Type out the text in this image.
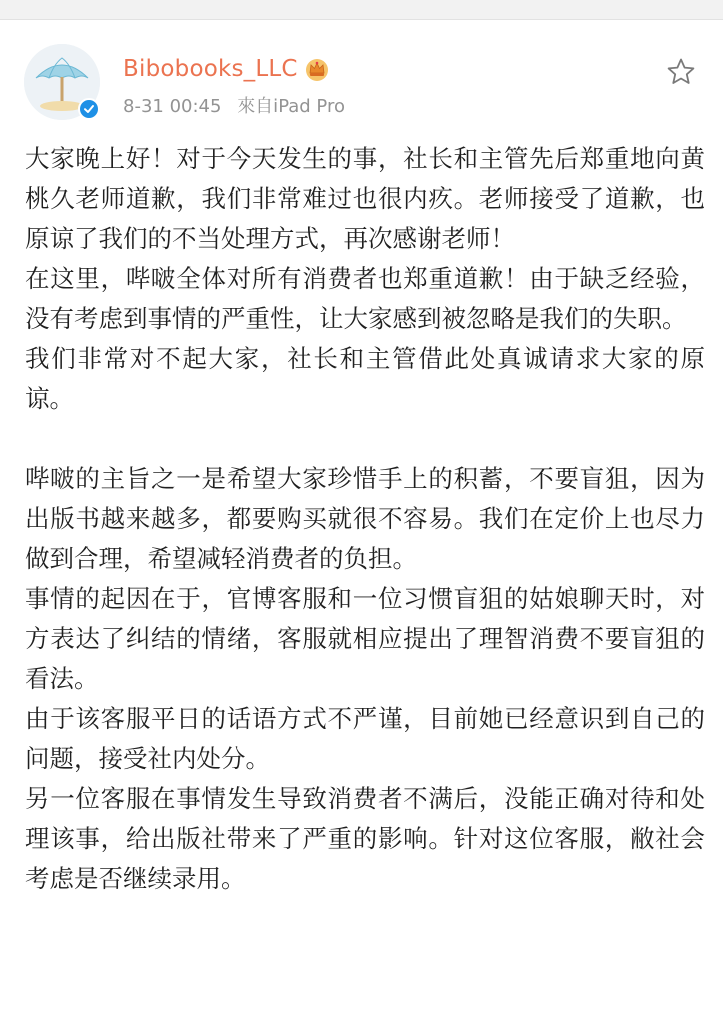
Bibobooks_LLC
8-31 00:45 來自iPad Pro

大家晚上好！对于今天发生的事，社长和主管先后郑重地向黄桃久老师道歉，我们非常难过也很内疚。老师接受了道歉，也原谅了我们的不当处理方式，再次感谢老师！

在这里，哔啵全体对所有消费者也郑重道歉！由于缺乏经验，没有考虑到事情的严重性，让大家感到被忽略是我们的失职。

我们非常对不起大家，社长和主管借此处真诚请求大家的原谅。

哔啵的主旨之一是希望大家珍惜手上的积蓄，不要盲狙，因为出版书越来越多，都要购买就很不容易。我们在定价上也尽力做到合理，希望减轻消费者的负担。

事情的起因在于，官博客服和一位习惯盲狙的姑娘聊天时，对方表达了纠结的情绪，客服就相应提出了理智消费不要盲狙的看法。

由于该客服平日的话语方式不严谨，目前她已经意识到自己的问题，接受社内处分。

另一位客服在事情发生导致消费者不满后，没能正确对待和处理该事，给出版社带来了严重的影响。针对这位客服，敝社会考虑是否继续录用。
